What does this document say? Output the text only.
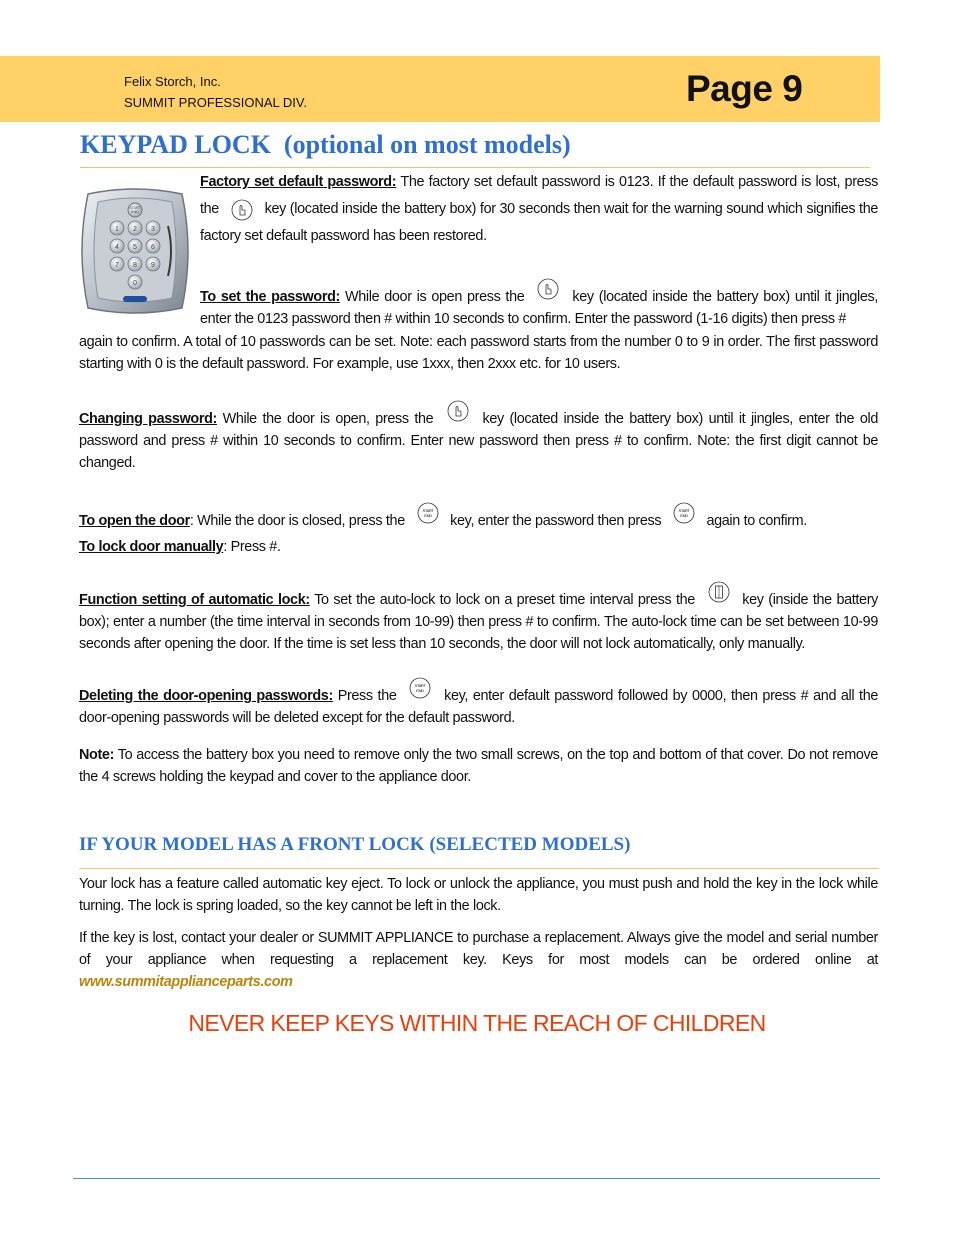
Felix Storch, Inc.
SUMMIT PROFESSIONAL DIV.	Page 9
KEYPAD LOCK  (optional on most models)
START
END
1 2 3
4 5 6
7 8 9
0
Factory set default password: The factory set default password is 0123. If the default password is lost, press the	key (located inside the battery box) for 30 seconds then wait for the warning sound which signifies the factory set default password has been restored.
To set the password: While door is open press the	key (located inside the battery box) until it jingles, enter the 0123 password then # within 10 seconds to confirm. Enter the password (1-16 digits) then press #
again to confirm. A total of 10 passwords can be set. Note: each password starts from the number 0 to 9 in order. The first password starting with 0 is the default password. For example, use 1xxx, then 2xxx etc. for 10 users.
Changing password: While the door is open, press the	key (located inside the battery box) until it jingles, enter the old password and press # within 10 seconds to confirm. Enter new password then press # to confirm. Note: the first digit cannot be changed.
To open the door: While the door is closed, press the
START
END key, enter the password then press
START
END again to confirm.
To lock door manually: Press #.
Function setting of automatic lock: To set the auto-lock to lock on a preset time interval press the	key (inside the battery box); enter a number (the time interval in seconds from 10-99) then press # to confirm. The auto-lock time can be set between 10-99 seconds after opening the door. If the time is set less than 10 seconds, the door will not lock automatically, only manually.
Deleting the door-opening passwords: Press the
START
END key, enter default password followed by 0000, then press # and all the door-opening passwords will be deleted except for the default password.
Note: To access the battery box you need to remove only the two small screws, on the top and bottom of that cover. Do not remove the 4 screws holding the keypad and cover to the appliance door.
IF YOUR MODEL HAS A FRONT LOCK (SELECTED MODELS)
Your lock has a feature called automatic key eject. To lock or unlock the appliance, you must push and hold the key in the lock while turning. The lock is spring loaded, so the key cannot be left in the lock.
If the key is lost, contact your dealer or SUMMIT APPLIANCE to purchase a replacement. Always give the model and serial number of your appliance when requesting a replacement key. Keys for most models can be ordered online at www.summitapplianceparts.com
NEVER KEEP KEYS WITHIN THE REACH OF CHILDREN
